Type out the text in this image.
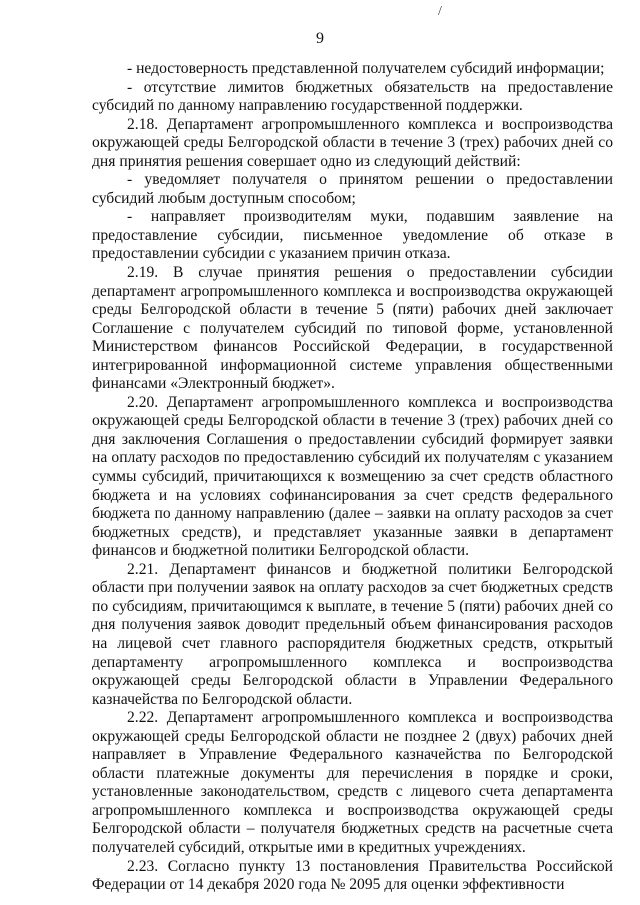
/
9

- недостоверность представленной получателем субсидий информации;

- отсутствие лимитов бюджетных обязательств на предоставление субсидий по данному направлению государственной поддержки.

2.18. Департамент агропромышленного комплекса и воспроизводства окружающей среды Белгородской области в течение 3 (трех) рабочих дней со дня принятия решения совершает одно из следующий действий:

- уведомляет получателя о принятом решении о предоставлении субсидий любым доступным способом;

- направляет производителям муки, подавшим заявление на предоставление субсидии, письменное уведомление об отказе в предоставлении субсидии с указанием причин отказа.

2.19. В случае принятия решения о предоставлении субсидии департамент агропромышленного комплекса и воспроизводства окружающей среды Белгородской области в течение 5 (пяти) рабочих дней заключает Соглашение с получателем субсидий по типовой форме, установленной Министерством финансов Российской Федерации, в государственной интегрированной информационной системе управления общественными финансами «Электронный бюджет».

2.20. Департамент агропромышленного комплекса и воспроизводства окружающей среды Белгородской области в течение 3 (трех) рабочих дней со дня заключения Соглашения о предоставлении субсидий формирует заявки на оплату расходов по предоставлению субсидий их получателям с указанием суммы субсидий, причитающихся к возмещению за счет средств областного бюджета и на условиях софинансирования за счет средств федерального бюджета по данному направлению (далее – заявки на оплату расходов за счет бюджетных средств), и представляет указанные заявки в департамент финансов и бюджетной политики Белгородской области.

2.21. Департамент финансов и бюджетной политики Белгородской области при получении заявок на оплату расходов за счет бюджетных средств по субсидиям, причитающимся к выплате, в течение 5 (пяти) рабочих дней со дня получения заявок доводит предельный объем финансирования расходов на лицевой счет главного распорядителя бюджетных средств, открытый департаменту агропромышленного комплекса и воспроизводства окружающей среды Белгородской области в Управлении Федерального казначейства по Белгородской области.

2.22. Департамент агропромышленного комплекса и воспроизводства окружающей среды Белгородской области не позднее 2 (двух) рабочих дней направляет в Управление Федерального казначейства по Белгородской области платежные документы для перечисления в порядке и сроки, установленные законодательством, средств с лицевого счета департамента агропромышленного комплекса и воспроизводства окружающей среды Белгородской области – получателя бюджетных средств на расчетные счета получателей субсидий, открытые ими в кредитных учреждениях.

2.23. Согласно пункту 13 постановления Правительства Российской Федерации от 14 декабря 2020 года № 2095 для оценки эффективности
